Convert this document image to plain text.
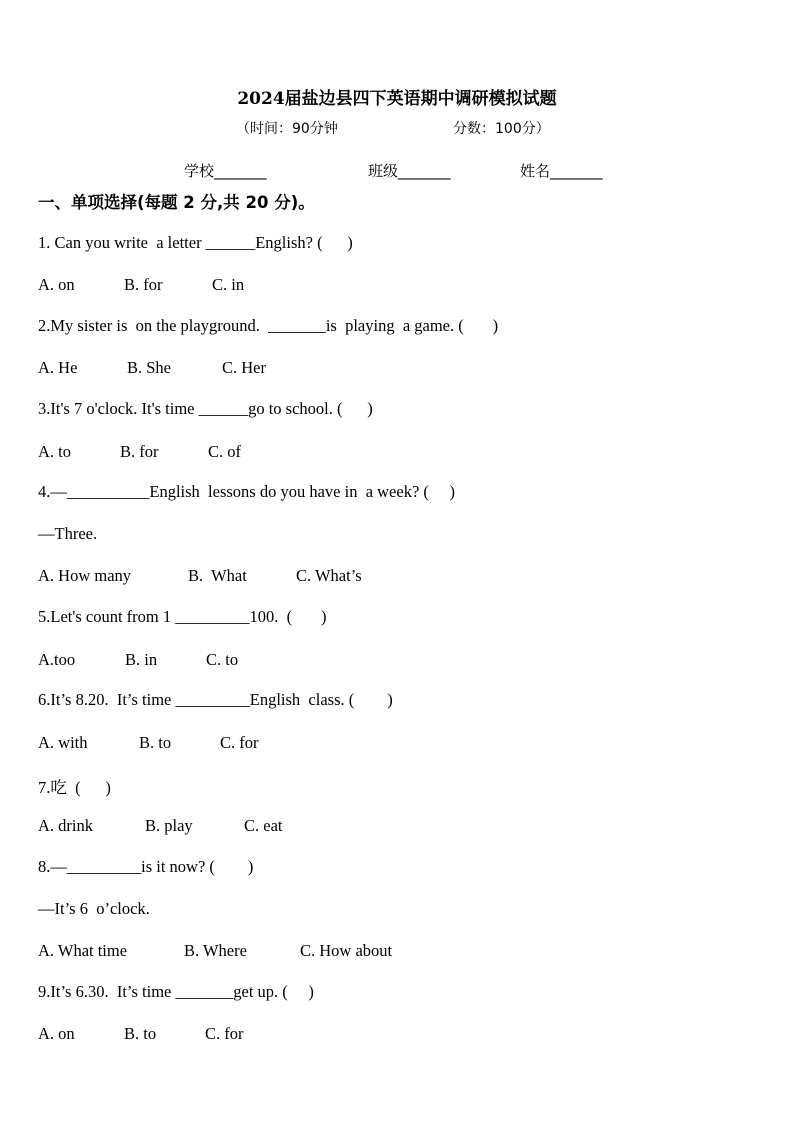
2024届盐边县四下英语期中调研模拟试题
（时间：90分钟	分数：100分）
学校_______	班级_______	姓名_______
一、单项选择(每题 2 分,共 20 分)。
1. Can you write  a letter ______English? (      )
A. on	B. for	C. in
2.My sister is  on the playground.  _______is  playing  a game. (       )
A. He	B. She	C. Her
3.It's 7 o'clock. It's time ______go to school. (      )
A. to	B. for	C. of
4.—__________English  lessons do you have in  a week? (     )
—Three.
A. How many	B.  What	C. What’s
5.Let's count from 1 _________100.  (       )
A.too	B. in	C. to
6.It’s 8.20.  It’s time _________English  class. (        )
A. with	B. to	C. for
7.吃  (      )
A. drink	B. play	C. eat
8.—_________is it now? (        )
—It’s 6  o’clock.
A. What time	B. Where	C. How about
9.It’s 6.30.  It’s time _______get up. (     )
A. on	B. to	C. for
